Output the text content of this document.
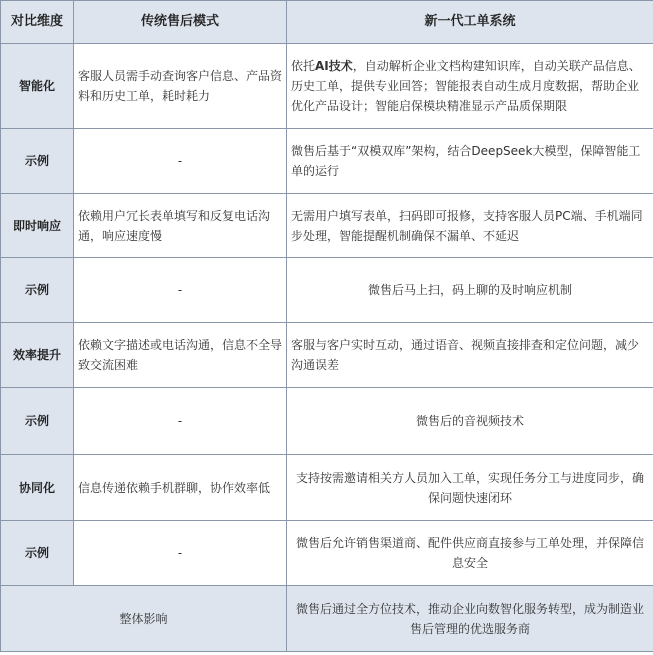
对比维度	传统售后模式	新一代工单系统
智能化	客服人员需手动查询客户信息、产品资料和历史工单，耗时耗力	依托AI技术，自动解析企业文档构建知识库，自动关联产品信息、历史工单，提供专业回答；智能报表自动生成月度数据，帮助企业优化产品设计；智能启保模块精准显示产品质保期限
示例	-	微售后基于“双模双库”架构，结合DeepSeek大模型，保障智能工单的运行
即时响应	依赖用户冗长表单填写和反复电话沟通，响应速度慢	无需用户填写表单，扫码即可报修，支持客服人员PC端、手机端同步处理，智能提醒机制确保不漏单、不延迟
示例	-	微售后马上扫，码上聊的及时响应机制
效率提升	依赖文字描述或电话沟通，信息不全导致交流困难	客服与客户实时互动，通过语音、视频直接排查和定位问题，减少沟通误差
示例	-	微售后的音视频技术
协同化	信息传递依赖手机群聊，协作效率低	支持按需邀请相关方人员加入工单，实现任务分工与进度同步，确保问题快速闭环
示例	-	微售后允许销售渠道商、配件供应商直接参与工单处理，并保障信息安全
整体影响		微售后通过全方位技术，推动企业向数智化服务转型，成为制造业售后管理的优选服务商
